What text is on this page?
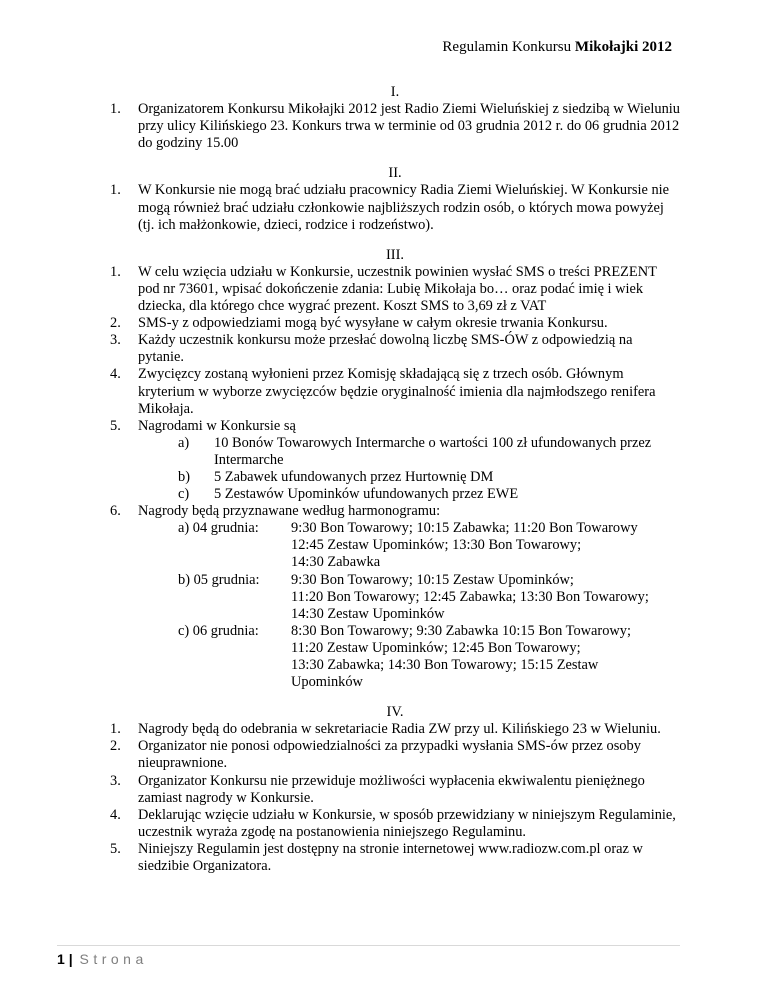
Regulamin Konkursu Mikołajki 2012

I.

1.	Organizatorem Konkursu Mikołajki 2012 jest Radio Ziemi Wieluńskiej z siedzibą w Wieluniu przy ulicy Kilińskiego 23. Konkurs trwa w terminie od 03 grudnia 2012 r. do 06 grudnia 2012 do godziny 15.00

II.

1.	W Konkursie nie mogą brać udziału pracownicy Radia Ziemi Wieluńskiej. W Konkursie nie mogą również brać udziału członkowie najbliższych rodzin osób, o których mowa powyżej (tj. ich małżonkowie, dzieci, rodzice i rodzeństwo).

III.

1.	W celu wzięcia udziału w Konkursie, uczestnik powinien wysłać SMS o treści PREZENT pod nr 73601, wpisać dokończenie zdania: Lubię Mikołaja bo… oraz podać imię i wiek dziecka, dla którego chce wygrać prezent. Koszt SMS to 3,69 zł z VAT
2.	SMS-y z odpowiedziami mogą być wysyłane w całym okresie trwania Konkursu.
3.	Każdy uczestnik konkursu może przesłać dowolną liczbę SMS-ÓW z odpowiedzią na pytanie.
4.	Zwycięzcy zostaną wyłonieni przez Komisję składającą się z trzech osób. Głównym kryterium w wyborze zwycięzców będzie oryginalność imienia dla najmłodszego renifera Mikołaja.
5.	Nagrodami w Konkursie są
a) 10 Bonów Towarowych Intermarche o wartości 100 zł ufundowanych przez Intermarche
b) 5 Zabawek ufundowanych przez Hurtownię DM
c) 5 Zestawów Upominków ufundowanych przez EWE
6.	Nagrody będą przyznawane według harmonogramu:
a) 04 grudnia:	9:30 Bon Towarowy; 10:15 Zabawka; 11:20 Bon Towarowy
12:45 Zestaw Upominków; 13:30 Bon Towarowy;
14:30 Zabawka
b) 05 grudnia:	9:30 Bon Towarowy; 10:15 Zestaw Upominków;
11:20 Bon Towarowy; 12:45 Zabawka; 13:30 Bon Towarowy;
14:30 Zestaw Upominków
c) 06 grudnia:	8:30 Bon Towarowy; 9:30 Zabawka 10:15 Bon Towarowy;
11:20 Zestaw Upominków; 12:45 Bon Towarowy;
13:30 Zabawka; 14:30 Bon Towarowy; 15:15 Zestaw
Upominków

IV.

1.	Nagrody będą do odebrania w sekretariacie Radia ZW przy ul. Kilińskiego 23 w Wieluniu.
2.	Organizator nie ponosi odpowiedzialności za przypadki wysłania SMS-ów przez osoby nieuprawnione.
3.	Organizator Konkursu nie przewiduje możliwości wypłacenia ekwiwalentu pieniężnego zamiast nagrody w Konkursie.
4.	Deklarując wzięcie udziału w Konkursie, w sposób przewidziany w niniejszym Regulaminie, uczestnik wyraża zgodę na postanowienia niniejszego Regulaminu.
5.	Niniejszy Regulamin jest dostępny na stronie internetowej www.radiozw.com.pl oraz w siedzibie Organizatora.
1 | Strona
